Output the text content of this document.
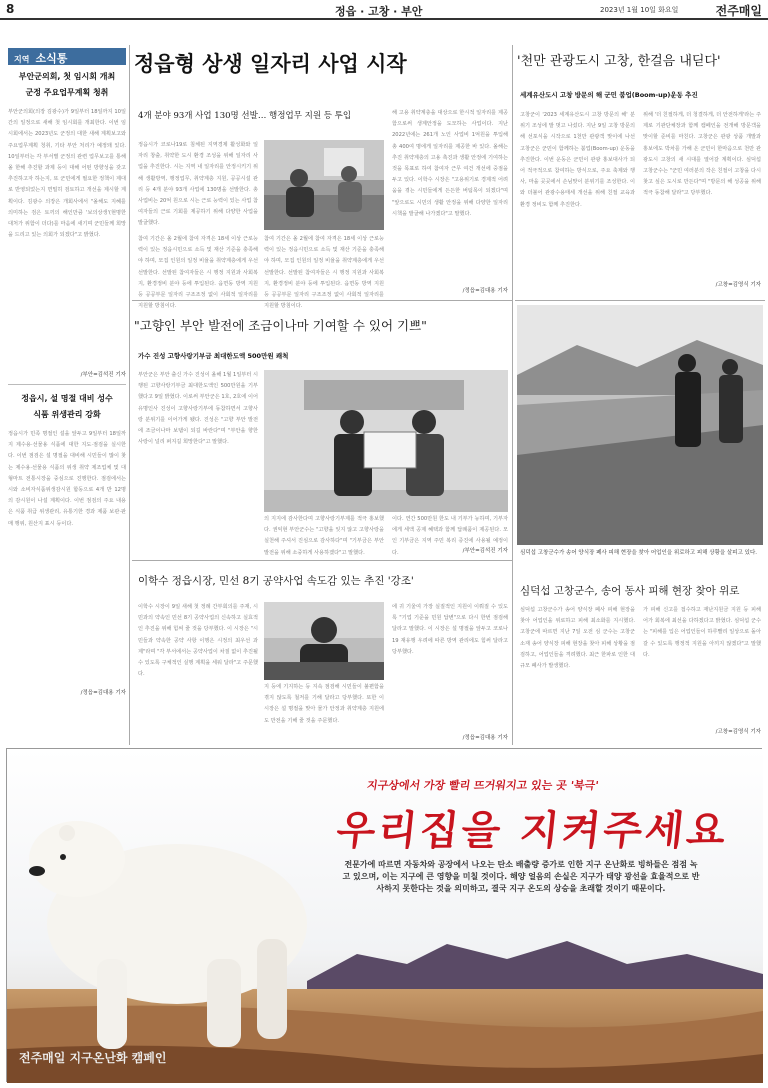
8	정읍 · 고창 · 부안	2023년 1월 10일 화요일	전주매일
지역 소식통
부안군의회, 첫 임시회 개최
군정 주요업무계획 청취
부안군의회(의장 김광수)가 9일부터 18일까지 10일간의 일정으로 새해 첫 임시회를 개최한다. 이번 임시회에서는 2023년도 군정의 대한 새해 계획보고와 주요업무계획 청취, 기타 부안 처리가 예정돼 있다. 10일부터는 각 부서별 군정의 관련 업무보고를 통해 올 한해 추진할 과제 등이 대해 어떤 방향성을 갖고 추진하고자 하는지, 또 군민에게 필요한 정책이 제대로 반영되었는지 면밀히 검토하고 개선을 제시할 계획이다. 김광수 의장은 개회사에서 "올해도 지혜를 의미하는 검은 토끼의 해인만큼 '보의상생'(현명한 대처가 위함이 더다)를 마음에 새기며 군민들께 희망을 드리고 있는 의회가 되겠다"고 밝혔다.
/부안=김석진 기자
정읍시, 설 명절 대비 성수
식품 위생관리 강화
정읍시가 민족 명절인 설을 앞두고 9일부터 18일까지 제수용·선물용 식품에 대한 지도·점검을 실시한다. 이번 점검은 설 명절을 대비해 시민들이 많이 찾는 제수용·선물용 식품의 위생 취약 제조업체 및 대형마트 전통시장을 중심으로 진행한다. 점검에서는 시와 소비자식품위생감시원 합동으로 4개 반 12명의 감시원이 나설 계획이다. 이번 점검의 주요 내용은 식품 취급 위생관리, 유통기한 경과 제품 보관·판매 행위, 원산지 표시 등이다.
/정읍=김대용 기자
정읍형 상생 일자리 사업 시작
4개 분야 93개 사업 130명 선발… 행정업무 지원 등 투입
정읍시가 코로나19로 침체된 지역경제 활성화와 일자리 창출, 취약한 도시 환경 조성을 위해 일자리 사업을 추진한다. 시는 지역 내 일자리를 안정시키기 위해 생활방역, 행정업무, 취약계층 지원, 공공시설 관리 등 4개 분야 93개 사업에 130명을 선발한다. 총 사업비는 20억 원으로 시는 근로 능력이 있는 사업 참여자들의 근로 기회를 제공하기 위해 다양한 사업을 발굴했다.
참여 기간은 올 2월에 참여 자격은 18세 이상 근로능력이 있는 정읍시민으로 소득 및 재산 기준을 충족해야 하며, 모집 인원의 일정 비율을 취약계층에게 우선 선발한다. 선발된 참여자들은 시 행정 지원과 사회복지, 환경정비 분야 등에 투입된다. 읍면동 방역 지원 등 공공부문 일자리 구조조정 없이 사회적 일자리를 지원할 방침이다.
참여 기간은 올 2월에 참여 자격은 18세 이상 근로능력이 있는 정읍시민으로 소득 및 재산 기준을 충족해야 하며, 모집 인원의 일정 비율을 취약계층에게 우선 선발한다. 선발된 참여자들은 시 행정 지원과 사회복지, 환경정비 분야 등에 투입된다. 읍면동 방역 지원 등 공공부문 일자리 구조조정 없이 사회적 일자리를 지원할 방침이다.
해 고용 취약계층을 대상으로 한시적 일자리를 제공함으로써 생계안정을 도모하는 사업이다. 지난 2022년에는 261개 노인 사업비 1억원을 투입해 총 400여 명에게 일자리를 제공한 바 있다. 올해는 추진 취약계층의 고용 촉진과 생활 안정에 기여하는 것을 목표로 하여 참여자 근무 여건 개선에 중점을 두고 있다. 이학수 시장은 "고용위기로 경제적 어려움을 겪는 시민들에게 든든한 버팀목이 되겠다"며 "앞으로도 시민의 생활 안정을 위해 다양한 일자리 시책을 발굴해 나가겠다"고 말했다.
/정읍=김대용 기자
'천만 관광도시 고창, 한걸음 내딛다'
세계유산도시 고창 방문의 해 군민 붐업(Boom-up)운동 추진
고창군이 '2023 세계유산도시 고창 방문의 해' 분위기 조성에 발 벗고 나섰다. 지난 9일 고창 방문의 해 선포식을 시작으로 1천만 관광객 맞이에 나선 고창군은 군민이 함께하는 붐업(Boom-up) 운동을 추진한다. 이번 운동은 군민이 관광 홍보대사가 되어 적극적으로 참여하는 방식으로, 주요 축제와 행사, 마을 곳곳에서 손님맞이 분위기를 조성한다. 이와 더불어 관광수용태세 개선을 위해 친절 교육과 환경 정비도 함께 추진한다.
위해 '더 친절하게, 더 청결하게, 더 안전하게'라는 주제로 기관단체장과 함께 캠페인을 전개해 방문객을 맞이할 준비를 마친다. 고창군은 관광 상품 개발과 홍보에도 박차를 가해 온 군민이 한마음으로 천만 관광도시 고창의 새 시대를 열어갈 계획이다. 심덕섭 고창군수는 "군민 여러분의 작은 친절이 고창을 다시 찾고 싶은 도시로 만든다"며 "방문의 해 성공을 위해 적극 동참해 달라"고 당부했다.
/고창=김영식 기자
"고향인 부안 발전에 조금이나마 기여할 수 있어 기쁘"
가수 진성 고향사랑기부금 최대한도액 500만원 쾌척
부안군은 부안 출신 가수 진성이 올해 1월 1일부터 시행된 고향사랑기부금 최대한도액인 500만원을 기부했다고 9일 밝혔다. 이로써 부안군은 1호, 2호에 이어 유명인사 진성이 고향사랑기부에 동참하면서 고향사랑 분위기를 이어가게 됐다. 진성은 "고향 부안 발전에 조금이나마 보탬이 되길 바란다"며 "부안을 향한 사랑이 널리 퍼지길 희망한다"고 말했다.
의 지지에 감사한다며 고향사랑기부제를 적극 홍보했다. 권익현 부안군수는 "고향을 잊지 않고 고향사랑을 실천해 주셔서 진심으로 감사하다"며 "기부금은 부안 발전을 위해 소중하게 사용하겠다"고 말했다.
이다. 연간 500만원 한도 내 기부가 능하며, 기부자에게 세액 공제 혜택과 함께 답례품이 제공된다. 모인 기부금은 지역 주민 복리 증진에 사용될 예정이다.	/부안=김석진 기자 심덕섭 고창군수가 송어 양식장 폐사 피해 현장을 찾아 어업인을 위로하고 피해 상황을 살피고 있다.
이학수 정읍시장, 민선 8기 공약사업 속도감 있는 추진 '강조'
이학수 시장이 9일 새해 첫 정례 간부회의를 주재, 시민과의 약속인 민선 8기 공약사업의 신속하고 실효적인 추진을 위해 힘써 줄 것을 당부했다. 이 시장은 "시민들과 약속한 공약 사항 이행은 시정의 최우선 과제"라며 "각 부서에서는 공약사업이 차질 없이 추진될 수 있도록 구체적인 실행 계획을 세워 달라"고 주문했다.
지 등에 기지하는 등 지속 점검해 시민들이 불편함을 겪지 않도록 철저를 기해 달라고 당부했다. 또한 이 시장은 설 명절을 맞아 물가 안정과 취약계층 지원에도 만전을 기해 줄 것을 주문했다.
에 귀 기울여 가장 실질적인 지원이 이뤄질 수 있도록 "기업 기준을 민원 답변"으로 다시 한번 점검해 달라고 말했다. 이 시장은 설 명절을 앞두고 코로나19 재유행 우려에 따른 방역 관리에도 힘써 달라고 당부했다.
/정읍=김대용 기자
심덕섭 고창군수, 송어 동사 피해 현장 찾아 위로
심덕섭 고창군수가 송어 양식장 폐사 피해 현장을 찾아 어업인을 위로하고 피해 최소화를 지시했다. 고창군에 따르면 지난 7일 오전 심 군수는 고창군 소재 송어 양식장 피해 현장을 찾아 피해 상황을 점검하고, 어업인들을 격려했다. 최근 한파로 인한 대규모 폐사가 발생했다.
가 피해 신고를 접수하고 재난지원금 지원 등 피해 어가 회복에 최선을 다하겠다고 밝혔다. 심덕섭 군수는 "피해를 입은 어업인들이 하루빨리 일상으로 돌아갈 수 있도록 행정적 지원을 아끼지 않겠다"고 말했다.
/고창=김영식 기자
지구상에서 가장 빨리 뜨거워지고 있는 곳 '북극'
우리집을 지켜주세요
전문가에 따르면 자동차와 공장에서 나오는 탄소 배출량 증가로 인한 지구 온난화로 빙하들은 점점 녹고 있으며, 이는 지구에 큰 영향을 미칠 것이다. 해양 얼음의 손실은 지구가 태양 광선을 효율적으로 반사하지 못한다는 것을 의미하고, 결국 지구 온도의 상승을 초래할 것이기 때문이다.
전주매일 지구온난화 캠페인
